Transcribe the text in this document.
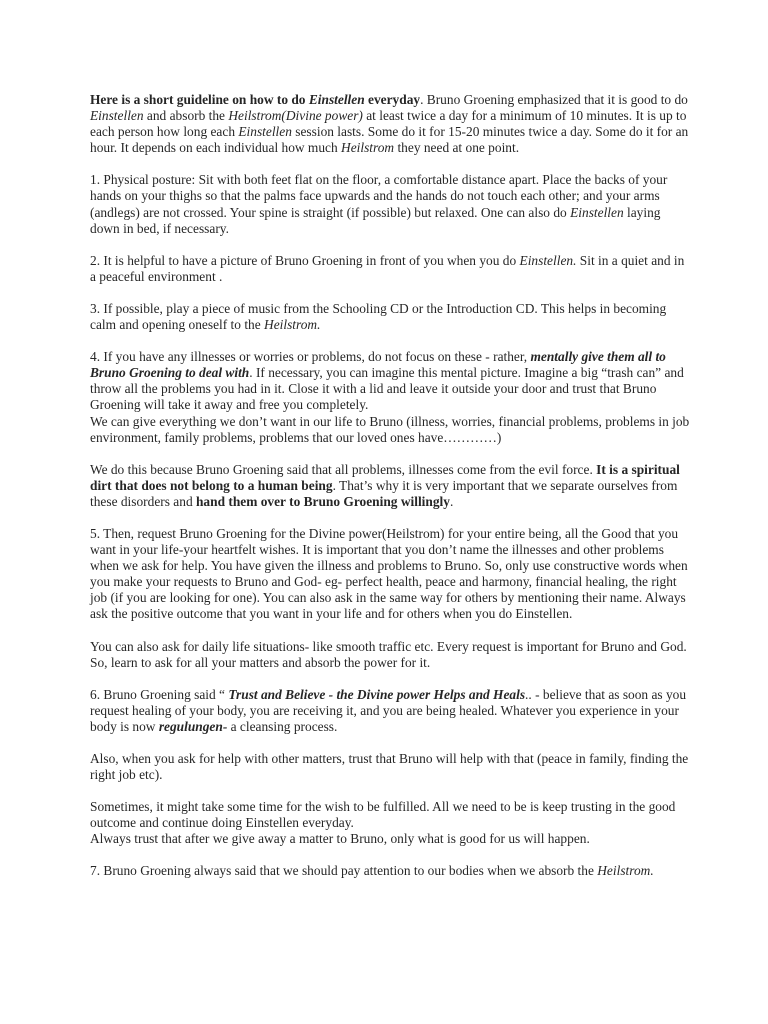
Here is a short guideline on how to do Einstellen everyday. Bruno Groening emphasized that it is good to do Einstellen and absorb the Heilstrom(Divine power) at least twice a day for a minimum of 10 minutes. It is up to each person how long each Einstellen session lasts. Some do it for 15-20 minutes twice a day. Some do it for an hour. It depends on each individual how much Heilstrom they need at one point.

1. Physical posture: Sit with both feet flat on the floor, a comfortable distance apart. Place the backs of your hands on your thighs so that the palms face upwards and the hands do not touch each other; and your arms (andlegs) are not crossed. Your spine is straight (if possible) but relaxed. One can also do Einstellen laying down in bed, if necessary.

2. It is helpful to have a picture of Bruno Groening in front of you when you do Einstellen. Sit in a quiet and in a peaceful environment .

3. If possible, play a piece of music from the Schooling CD or the Introduction CD. This helps in becoming calm and opening oneself to the Heilstrom.

4. If you have any illnesses or worries or problems, do not focus on these - rather, mentally give them all to Bruno Groening to deal with. If necessary, you can imagine this mental picture. Imagine a big “trash can” and throw all the problems you had in it. Close it with a lid and leave it outside your door and trust that Bruno Groening will take it away and free you completely.
We can give everything we don’t want in our life to Bruno (illness, worries, financial problems, problems in job environment, family problems, problems that our loved ones have…………)

We do this because Bruno Groening said that all problems, illnesses come from the evil force. It is a spiritual dirt that does not belong to a human being. That’s why it is very important that we separate ourselves from these disorders and hand them over to Bruno Groening willingly.

5. Then, request Bruno Groening for the Divine power(Heilstrom) for your entire being, all the Good that you want in your life-your heartfelt wishes. It is important that you don’t name the illnesses and other problems when we ask for help. You have given the illness and problems to Bruno. So, only use constructive words when you make your requests to Bruno and God- eg- perfect health, peace and harmony, financial healing, the right job (if you are looking for one). You can also ask in the same way for others by mentioning their name. Always ask the positive outcome that you want in your life and for others when you do Einstellen.

You can also ask for daily life situations- like smooth traffic etc. Every request is important for Bruno and God. So, learn to ask for all your matters and absorb the power for it.

6. Bruno Groening said “ Trust and Believe - the Divine power Helps and Heals.. - believe that as soon as you request healing of your body, you are receiving it, and you are being healed. Whatever you experience in your body is now regulungen- a cleansing process.

Also, when you ask for help with other matters, trust that Bruno will help with that (peace in family, finding the right job etc).

Sometimes, it might take some time for the wish to be fulfilled. All we need to be is keep trusting in the good outcome and continue doing Einstellen everyday.
Always trust that after we give away a matter to Bruno, only what is good for us will happen.

7. Bruno Groening always said that we should pay attention to our bodies when we absorb the Heilstrom.
